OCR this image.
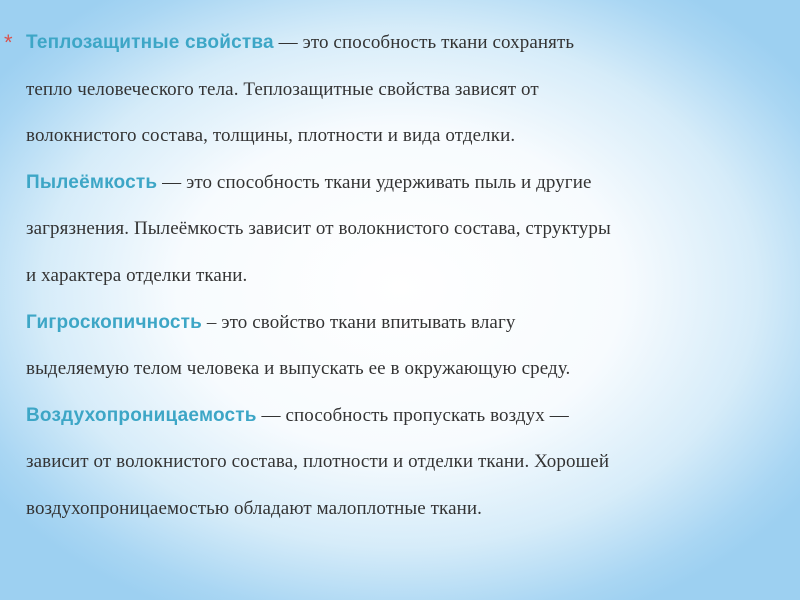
* Теплозащитные свойства — это способность ткани сохранять
тепло человеческого тела. Теплозащитные свойства зависят от
волокнистого состава, толщины, плотности и вида отделки.
Пылеёмкость — это способность ткани удерживать пыль и другие
загрязнения. Пылеёмкость зависит от волокнистого состава, структуры
и характера отделки ткани.
Гигроскопичность – это свойство ткани впитывать влагу
выделяемую телом человека и выпускать ее в окружающую среду.
Воздухопроницаемость — способность пропускать воздух —
зависит от волокнистого состава, плотности и отделки ткани. Хорошей
воздухопроницаемостью обладают малоплотные ткани.
